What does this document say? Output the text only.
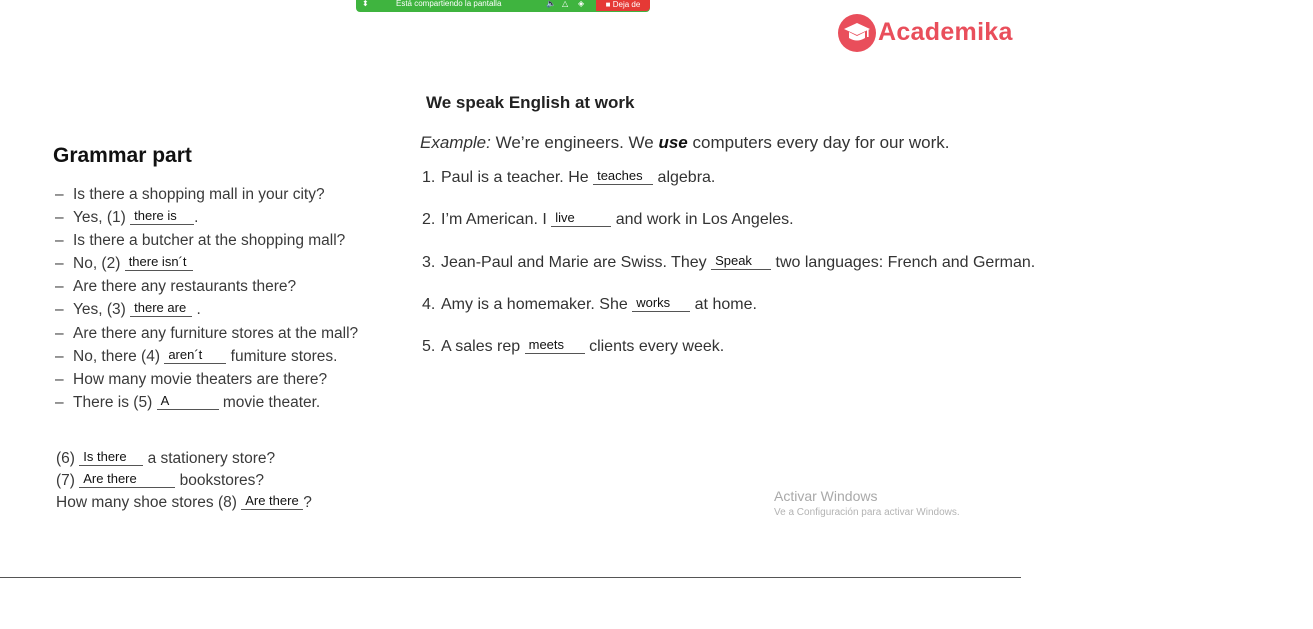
⬍	Está compartiendo la pantalla	🔈 △ ◈	■ Deja de
Academika
Grammar part
– Is there a shopping mall in your city?
– Yes, (1) there is .
– Is there a butcher at the shopping mall?
– No, (2) there isn´t
– Are there any restaurants there?
– Yes, (3) there are .
– Are there any furniture stores at the mall?
– No, there (4) aren´t fumiture stores.
– How many movie theaters are there?
– There is (5) A	movie theater.
(6) Is there a stationery store?
(7) Are there	bookstores?
How many shoe stores (8) Are there ?
We speak English at work
Example: We’re engineers. We use computers every day for our work.
1. Paul is a teacher. He teaches algebra.
2. I’m American. I live	and work in Los Angeles.
3. Jean-Paul and Marie are Swiss. They Speak two languages: French and German.
4. Amy is a homemaker. She works at home.
5. A sales rep meets clients every week.
Activar Windows
Ve a Configuración para activar Windows.
